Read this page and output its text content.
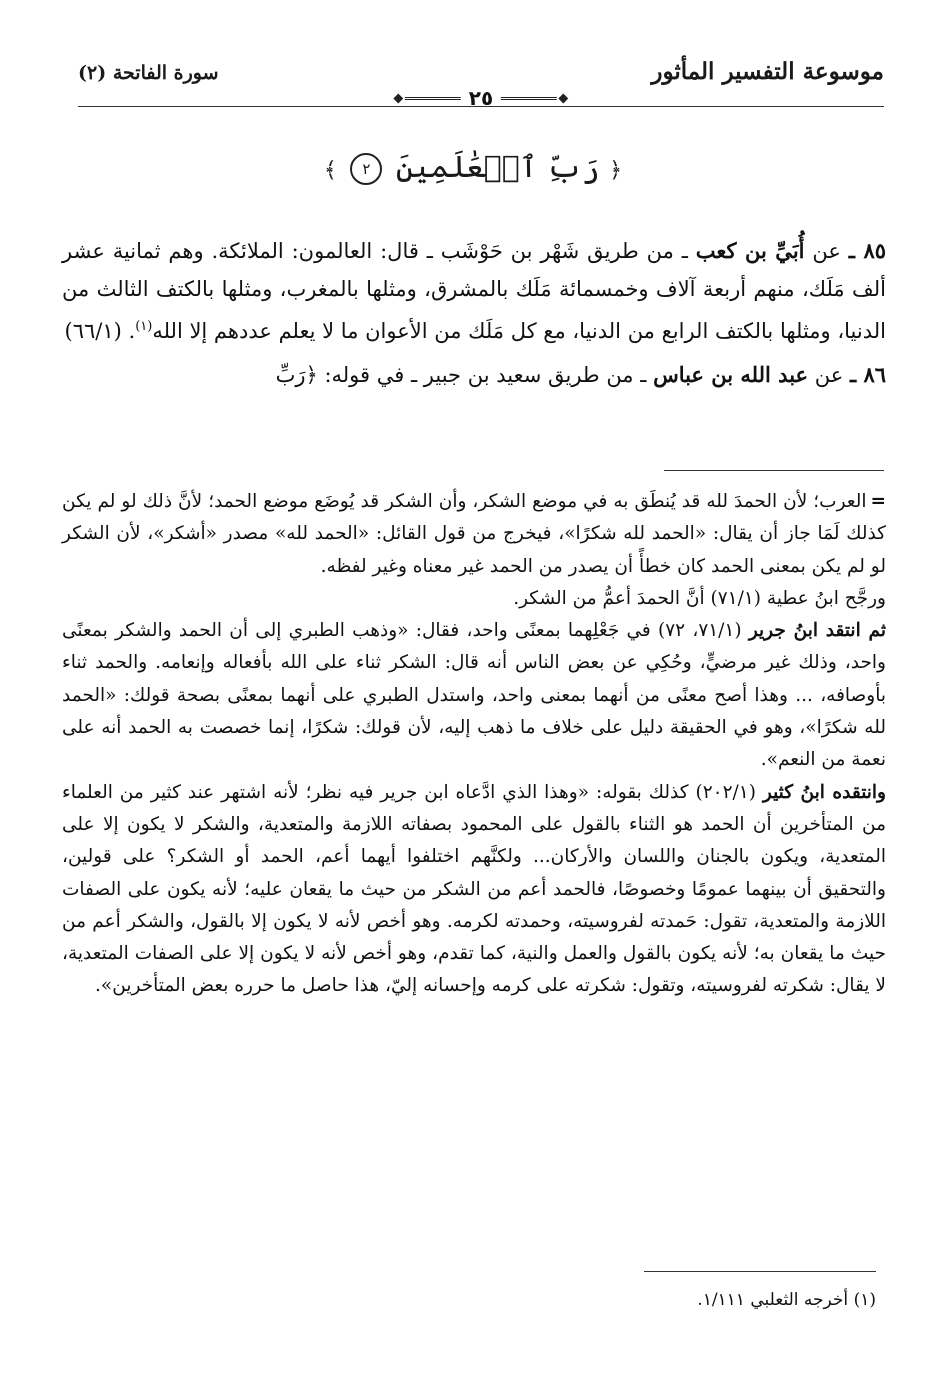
موسوعة التفسير المأثور
سورة الفاتحة (٢)
٢٥
﴿ رَبِّ ٱلۡعَٰلَمِينَ ٢ ﴾

٨٥ ـ عن أُبَيِّ بن كعب ـ من طريق شَهْر بن حَوْشَب ـ قال: العالمون: الملائكة. وهم ثمانية عشر ألف مَلَك، منهم أربعة آلاف وخمسمائة مَلَك بالمشرق، ومثلها بالمغرب، ومثلها بالكتف الثالث من الدنيا، ومثلها بالكتف الرابع من الدنيا، مع كل مَلَك من الأعوان ما لا يعلم عددهم إلا الله$^{(١)}$. (٦٦/١)

٨٦ ـ عن عبد الله بن عباس ـ من طريق سعيد بن جبير ـ في قوله: ﴿رَبِّ

=العرب؛ لأن الحمدَ لله قد يُنطَق به في موضع الشكر، وأن الشكر قد يُوضَع موضع الحمد؛ لأنَّ ذلك لو لم يكن كذلك لَمَا جاز أن يقال: «الحمد لله شكرًا»، فيخرج من قول القائل: «الحمد لله» مصدر «أشكر»، لأن الشكر لو لم يكن بمعنى الحمد كان خطأً أن يصدر من الحمد غير معناه وغير لفظه.

ورجَّح ابنُ عطية (٧١/١) أنَّ الحمدَ أعمُّ من الشكر.

ثم انتقد ابنُ جرير (٧١/١، ٧٢) في جَعْلِهما بمعنًى واحد، فقال: «وذهب الطبري إلى أن الحمد والشكر بمعنًى واحد، وذلك غير مرضيٍّ، وحُكِي عن بعض الناس أنه قال: الشكر ثناء على الله بأفعاله وإنعامه. والحمد ثناء بأوصافه، ... وهذا أصح معنًى من أنهما بمعنى واحد، واستدل الطبري على أنهما بمعنًى بصحة قولك: «الحمد لله شكرًا»، وهو في الحقيقة دليل على خلاف ما ذهب إليه، لأن قولك: شكرًا، إنما خصصت به الحمد أنه على نعمة من النعم».

وانتقده ابنُ كثير (٢٠٢/١) كذلك بقوله: «وهذا الذي ادَّعاه ابن جرير فيه نظر؛ لأنه اشتهر عند كثير من العلماء من المتأخرين أن الحمد هو الثناء بالقول على المحمود بصفاته اللازمة والمتعدية، والشكر لا يكون إلا على المتعدية، ويكون بالجنان واللسان والأركان... ولكنَّهم اختلفوا أيهما أعم، الحمد أو الشكر؟ على قولين، والتحقيق أن بينهما عمومًا وخصوصًا، فالحمد أعم من الشكر من حيث ما يقعان عليه؛ لأنه يكون على الصفات اللازمة والمتعدية، تقول: حَمدته لفروسيته، وحمدته لكرمه. وهو أخص لأنه لا يكون إلا بالقول، والشكر أعم من حيث ما يقعان به؛ لأنه يكون بالقول والعمل والنية، كما تقدم، وهو أخص لأنه لا يكون إلا على الصفات المتعدية، لا يقال: شكرته لفروسيته، وتقول: شكرته على كرمه وإحسانه إليّ، هذا حاصل ما حرره بعض المتأخرين».

(١) أخرجه الثعلبي ١/١١١.
